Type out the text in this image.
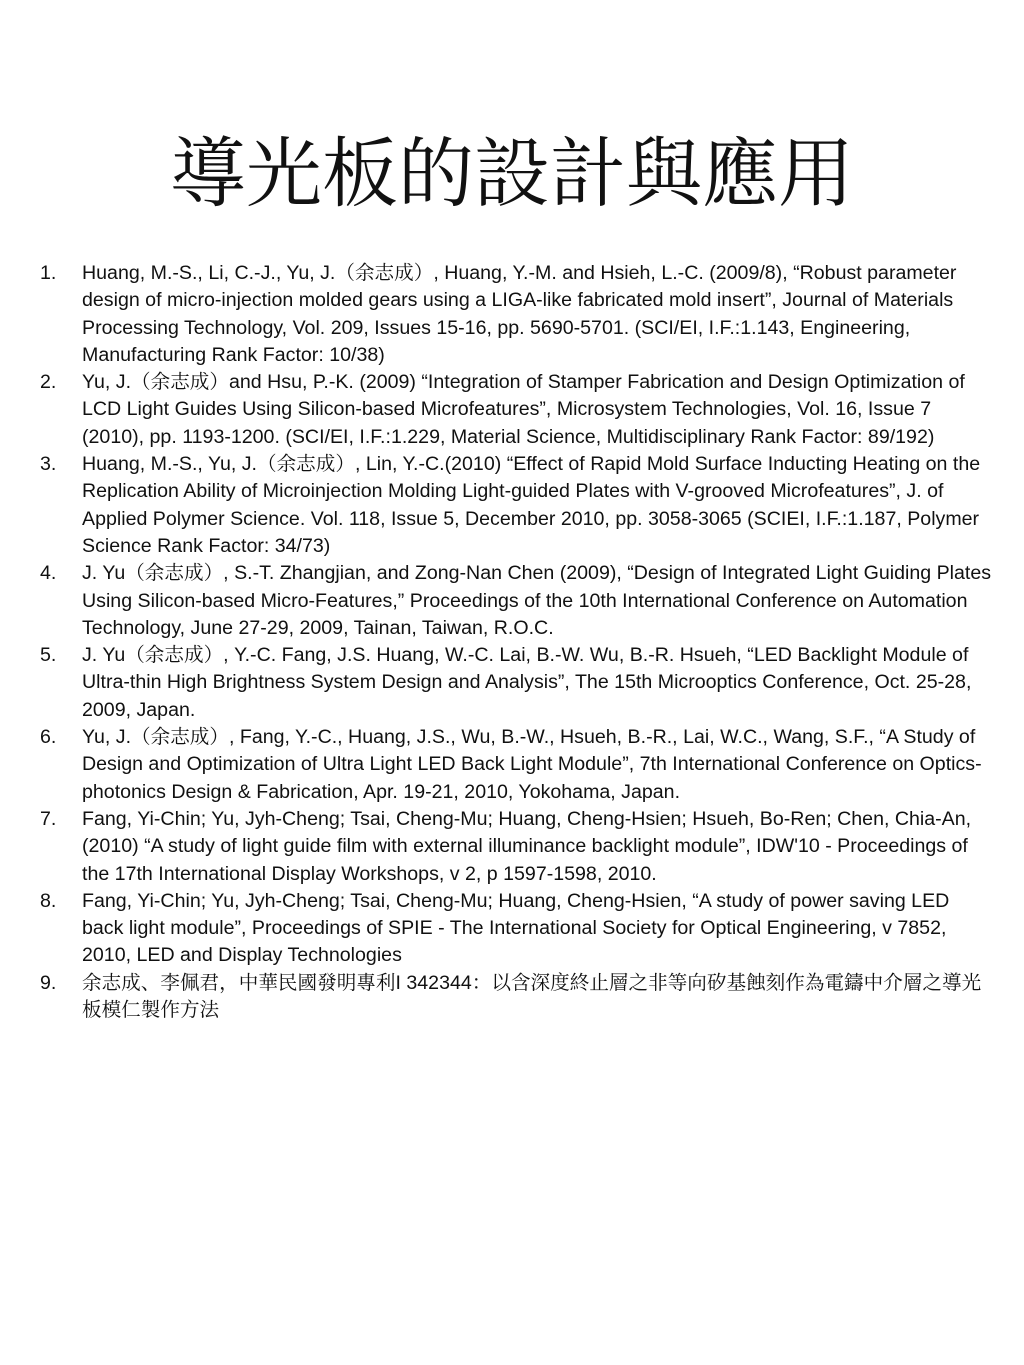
導光板的設計與應用
1.	Huang, M.-S., Li, C.-J., Yu, J.（余志成）, Huang, Y.-M. and Hsieh, L.-C. (2009/8), “Robust parameter design of micro-injection molded gears using a LIGA-like fabricated mold insert”, Journal of Materials Processing Technology, Vol. 209, Issues 15-16, pp. 5690-5701. (SCI/EI, I.F.:1.143, Engineering, Manufacturing Rank Factor: 10/38)
2.	Yu, J.（余志成）and Hsu, P.-K. (2009) “Integration of Stamper Fabrication and Design Optimization of LCD Light Guides Using Silicon-based Microfeatures”, Microsystem Technologies, Vol. 16, Issue 7 (2010), pp. 1193-1200. (SCI/EI, I.F.:1.229, Material Science, Multidisciplinary Rank Factor: 89/192)
3.	Huang, M.-S., Yu, J.（余志成）, Lin, Y.-C.(2010) “Effect of Rapid Mold Surface Inducting Heating on the Replication Ability of Microinjection Molding Light-guided Plates with V-grooved Microfeatures”, J. of Applied Polymer Science. Vol. 118, Issue 5, December 2010, pp. 3058-3065 (SCIEI, I.F.:1.187, Polymer Science Rank Factor: 34/73)
4.	J. Yu（余志成）, S.-T. Zhangjian, and Zong-Nan Chen (2009), “Design of Integrated Light Guiding Plates Using Silicon-based Micro-Features,” Proceedings of the 10th International Conference on Automation Technology, June 27-29, 2009, Tainan, Taiwan, R.O.C.
5.	J. Yu（余志成）, Y.-C. Fang, J.S. Huang, W.-C. Lai, B.-W. Wu, B.-R. Hsueh, “LED Backlight Module of Ultra-thin High Brightness System Design and Analysis”, The 15th Microoptics Conference, Oct. 25-28, 2009, Japan.
6.	Yu, J.（余志成）, Fang, Y.-C., Huang, J.S., Wu, B.-W., Hsueh, B.-R., Lai, W.C., Wang, S.F., “A Study of Design and Optimization of Ultra Light LED Back Light Module”, 7th International Conference on Optics-photonics Design & Fabrication, Apr. 19-21, 2010, Yokohama, Japan.
7.	Fang, Yi-Chin; Yu, Jyh-Cheng; Tsai, Cheng-Mu; Huang, Cheng-Hsien; Hsueh, Bo-Ren; Chen, Chia-An, (2010) “A study of light guide film with external illuminance backlight module”, IDW'10 - Proceedings of the 17th International Display Workshops, v 2, p 1597-1598, 2010.
8.	Fang, Yi-Chin; Yu, Jyh-Cheng; Tsai, Cheng-Mu; Huang, Cheng-Hsien, “A study of power saving LED back light module”, Proceedings of SPIE - The International Society for Optical Engineering, v 7852, 2010, LED and Display Technologies
9.	余志成、李佩君，中華民國發明專利I 342344：以含深度終止層之非等向矽基蝕刻作為電鑄中介層之導光板模仁製作方法
